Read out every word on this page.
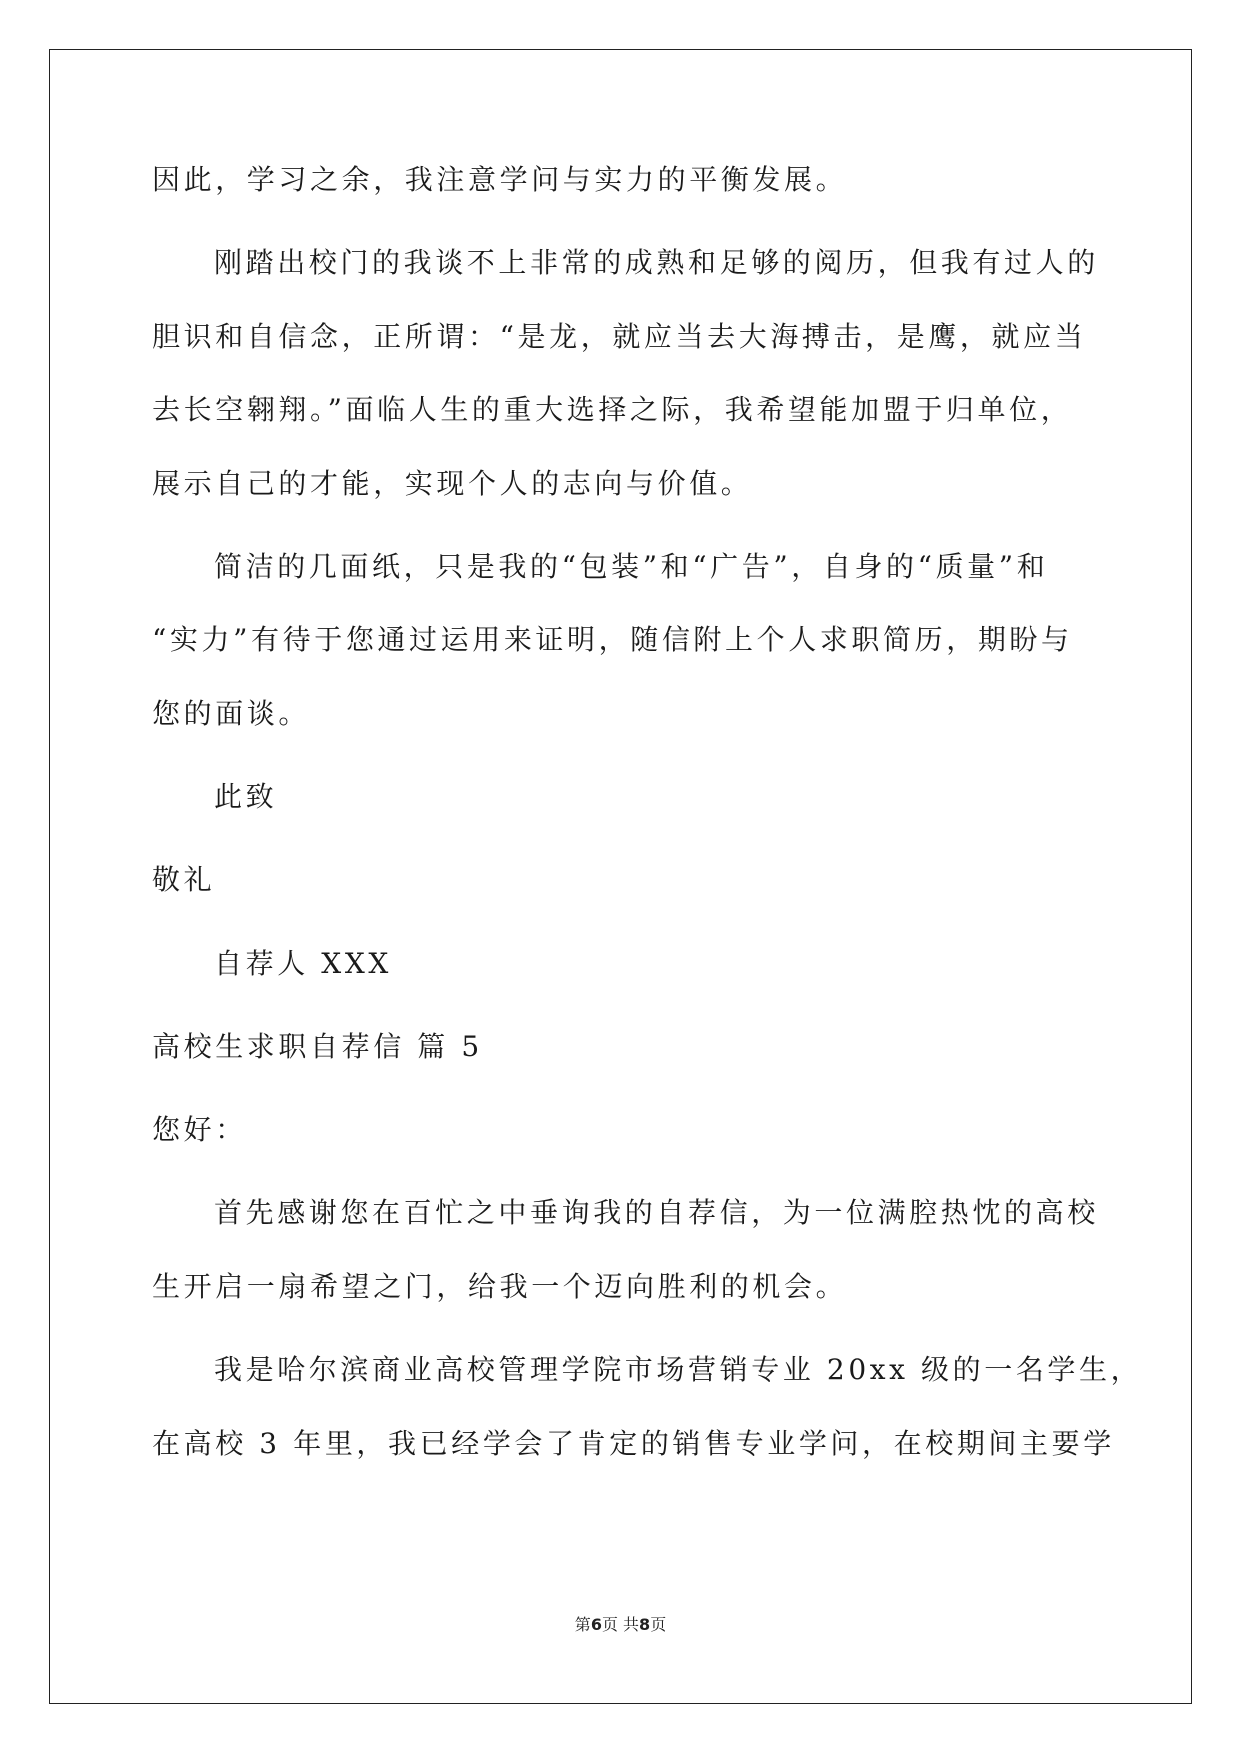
因此，学习之余，我注意学问与实力的平衡发展。
刚踏出校门的我谈不上非常的成熟和足够的阅历，但我有过人的
胆识和自信念，正所谓：“是龙，就应当去大海搏击，是鹰，就应当
去长空翱翔。”面临人生的重大选择之际，我希望能加盟于归单位，
展示自己的才能，实现个人的志向与价值。
简洁的几面纸，只是我的“包装”和“广告”，自身的“质量”和
“实力”有待于您通过运用来证明，随信附上个人求职简历，期盼与
您的面谈。
此致
敬礼
自荐人 XXX
高校生求职自荐信 篇 5
您好：
首先感谢您在百忙之中垂询我的自荐信，为一位满腔热忱的高校
生开启一扇希望之门，给我一个迈向胜利的机会。
我是哈尔滨商业高校管理学院市场营销专业 20xx 级的一名学生，
在高校 3 年里，我已经学会了肯定的销售专业学问，在校期间主要学
第6页 共8页
